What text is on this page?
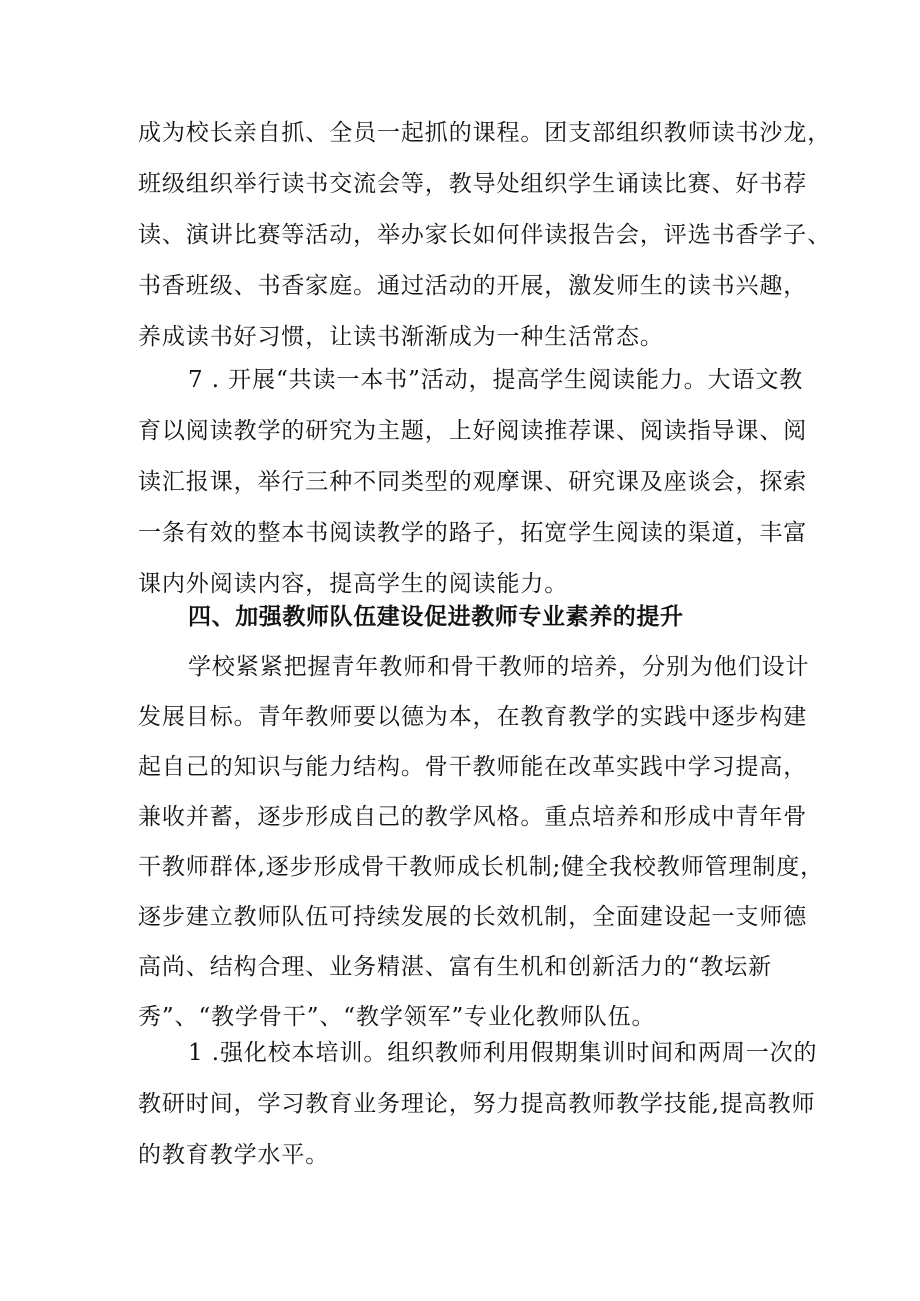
成为校长亲自抓、全员一起抓的课程。团支部组织教师读书沙龙，
班级组织举行读书交流会等，教导处组织学生诵读比赛、好书荐
读、演讲比赛等活动，举办家长如何伴读报告会，评选书香学子、
书香班级、书香家庭。通过活动的开展，激发师生的读书兴趣，
养成读书好习惯，让读书渐渐成为一种生活常态。
7 . 开展“共读一本书”活动，提高学生阅读能力。大语文教
育以阅读教学的研究为主题，上好阅读推荐课、阅读指导课、阅
读汇报课，举行三种不同类型的观摩课、研究课及座谈会，探索
一条有效的整本书阅读教学的路子，拓宽学生阅读的渠道，丰富
课内外阅读内容，提高学生的阅读能力。
四、加强教师队伍建设促进教师专业素养的提升
学校紧紧把握青年教师和骨干教师的培养，分别为他们设计
发展目标。青年教师要以德为本，在教育教学的实践中逐步构建
起自己的知识与能力结构。骨干教师能在改革实践中学习提高，
兼收并蓄，逐步形成自己的教学风格。重点培养和形成中青年骨
干教师群体,逐步形成骨干教师成长机制;健全我校教师管理制度，
逐步建立教师队伍可持续发展的长效机制，全面建设起一支师德
高尚、结构合理、业务精湛、富有生机和创新活力的“教坛新
秀”、“教学骨干”、“教学领军”专业化教师队伍。
1 .强化校本培训。组织教师利用假期集训时间和两周一次的
教研时间，学习教育业务理论，努力提高教师教学技能,提高教师
的教育教学水平。
